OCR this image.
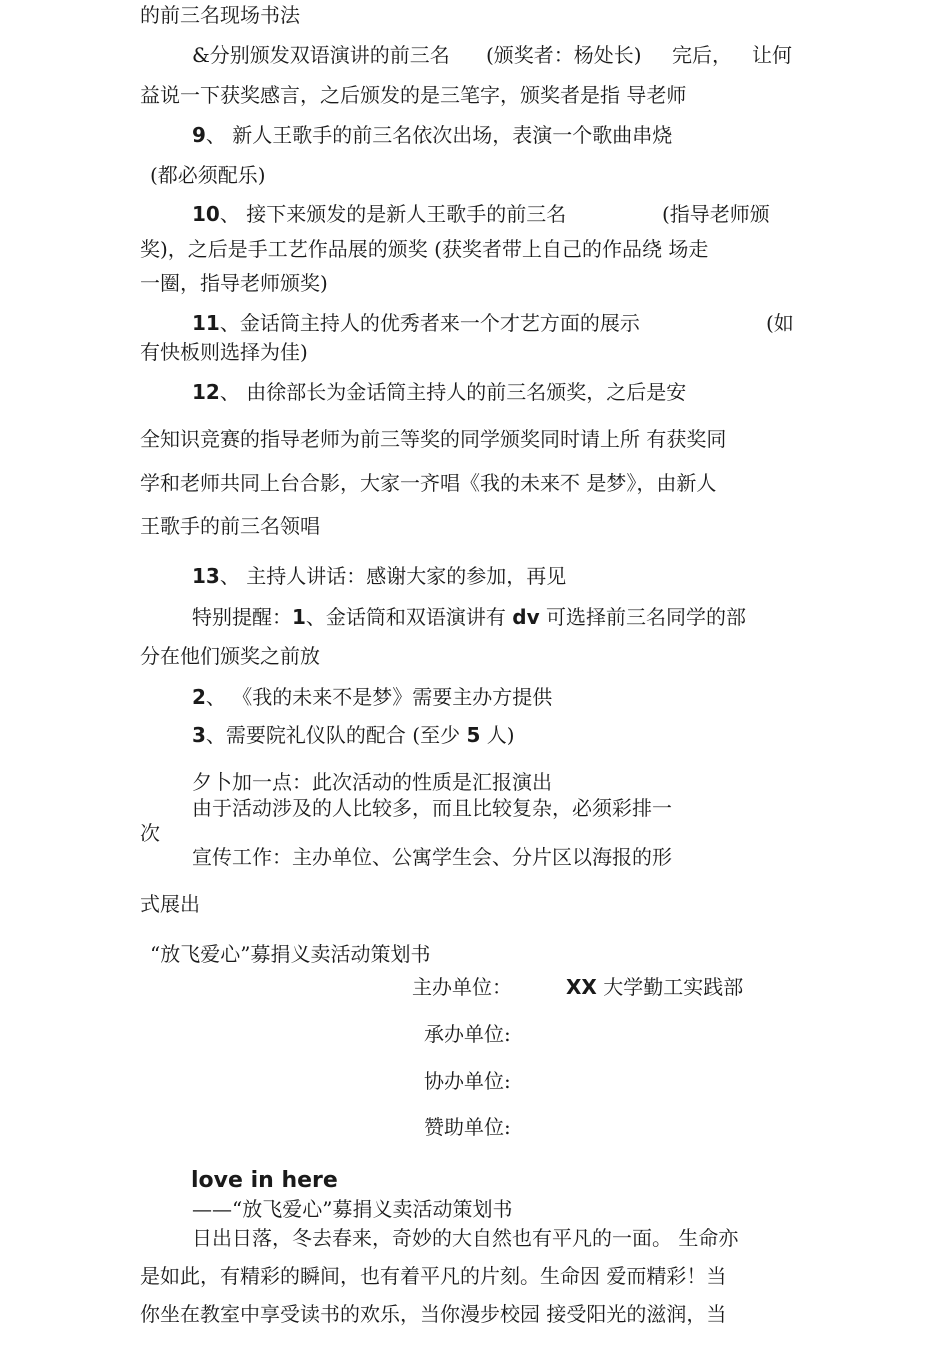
的前三名现场书法
&分别颁发双语演讲的前三名 (颁奖者：杨处长) 完后， 让何
益说一下获奖感言，之后颁发的是三笔字，颁奖者是指 导老师
9、 新人王歌手的前三名依次出场，表演一个歌曲串烧
(都必须配乐)
10、 接下来颁发的是新人王歌手的前三名	(指导老师颁
奖)，之后是手工艺作品展的颁奖 (获奖者带上自己的作品绕 场走
一圈，指导老师颁奖)
11、金话筒主持人的优秀者来一个才艺方面的展示	(如
有快板则选择为佳)
12、 由徐部长为金话筒主持人的前三名颁奖，之后是安
全知识竞赛的指导老师为前三等奖的同学颁奖同时请上所 有获奖同
学和老师共同上台合影，大家一齐唱《我的未来不 是梦》，由新人
王歌手的前三名领唱
13、 主持人讲话：感谢大家的参加，再见
特别提醒：1、金话筒和双语演讲有 dv 可选择前三名同学的部
分在他们颁奖之前放
2、 《我的未来不是梦》需要主办方提供
3、需要院礼仪队的配合 (至少 5 人)
夕卜加一点：此次活动的性质是汇报演出
由于活动涉及的人比较多，而且比较复杂，必须彩排一
次
宣传工作：主办单位、公寓学生会、分片区以海报的形
式展出
“放飞爱心”募捐义卖活动策划书
主办单位：	XX 大学勤工实践部
承办单位:
协办单位:
赞助单位:
love in here
——“放飞爱心”募捐义卖活动策划书
日出日落，冬去春来，奇妙的大自然也有平凡的一面。 生命亦
是如此，有精彩的瞬间，也有着平凡的片刻。生命因 爱而精彩！当
你坐在教室中享受读书的欢乐，当你漫步校园 接受阳光的滋润，当
